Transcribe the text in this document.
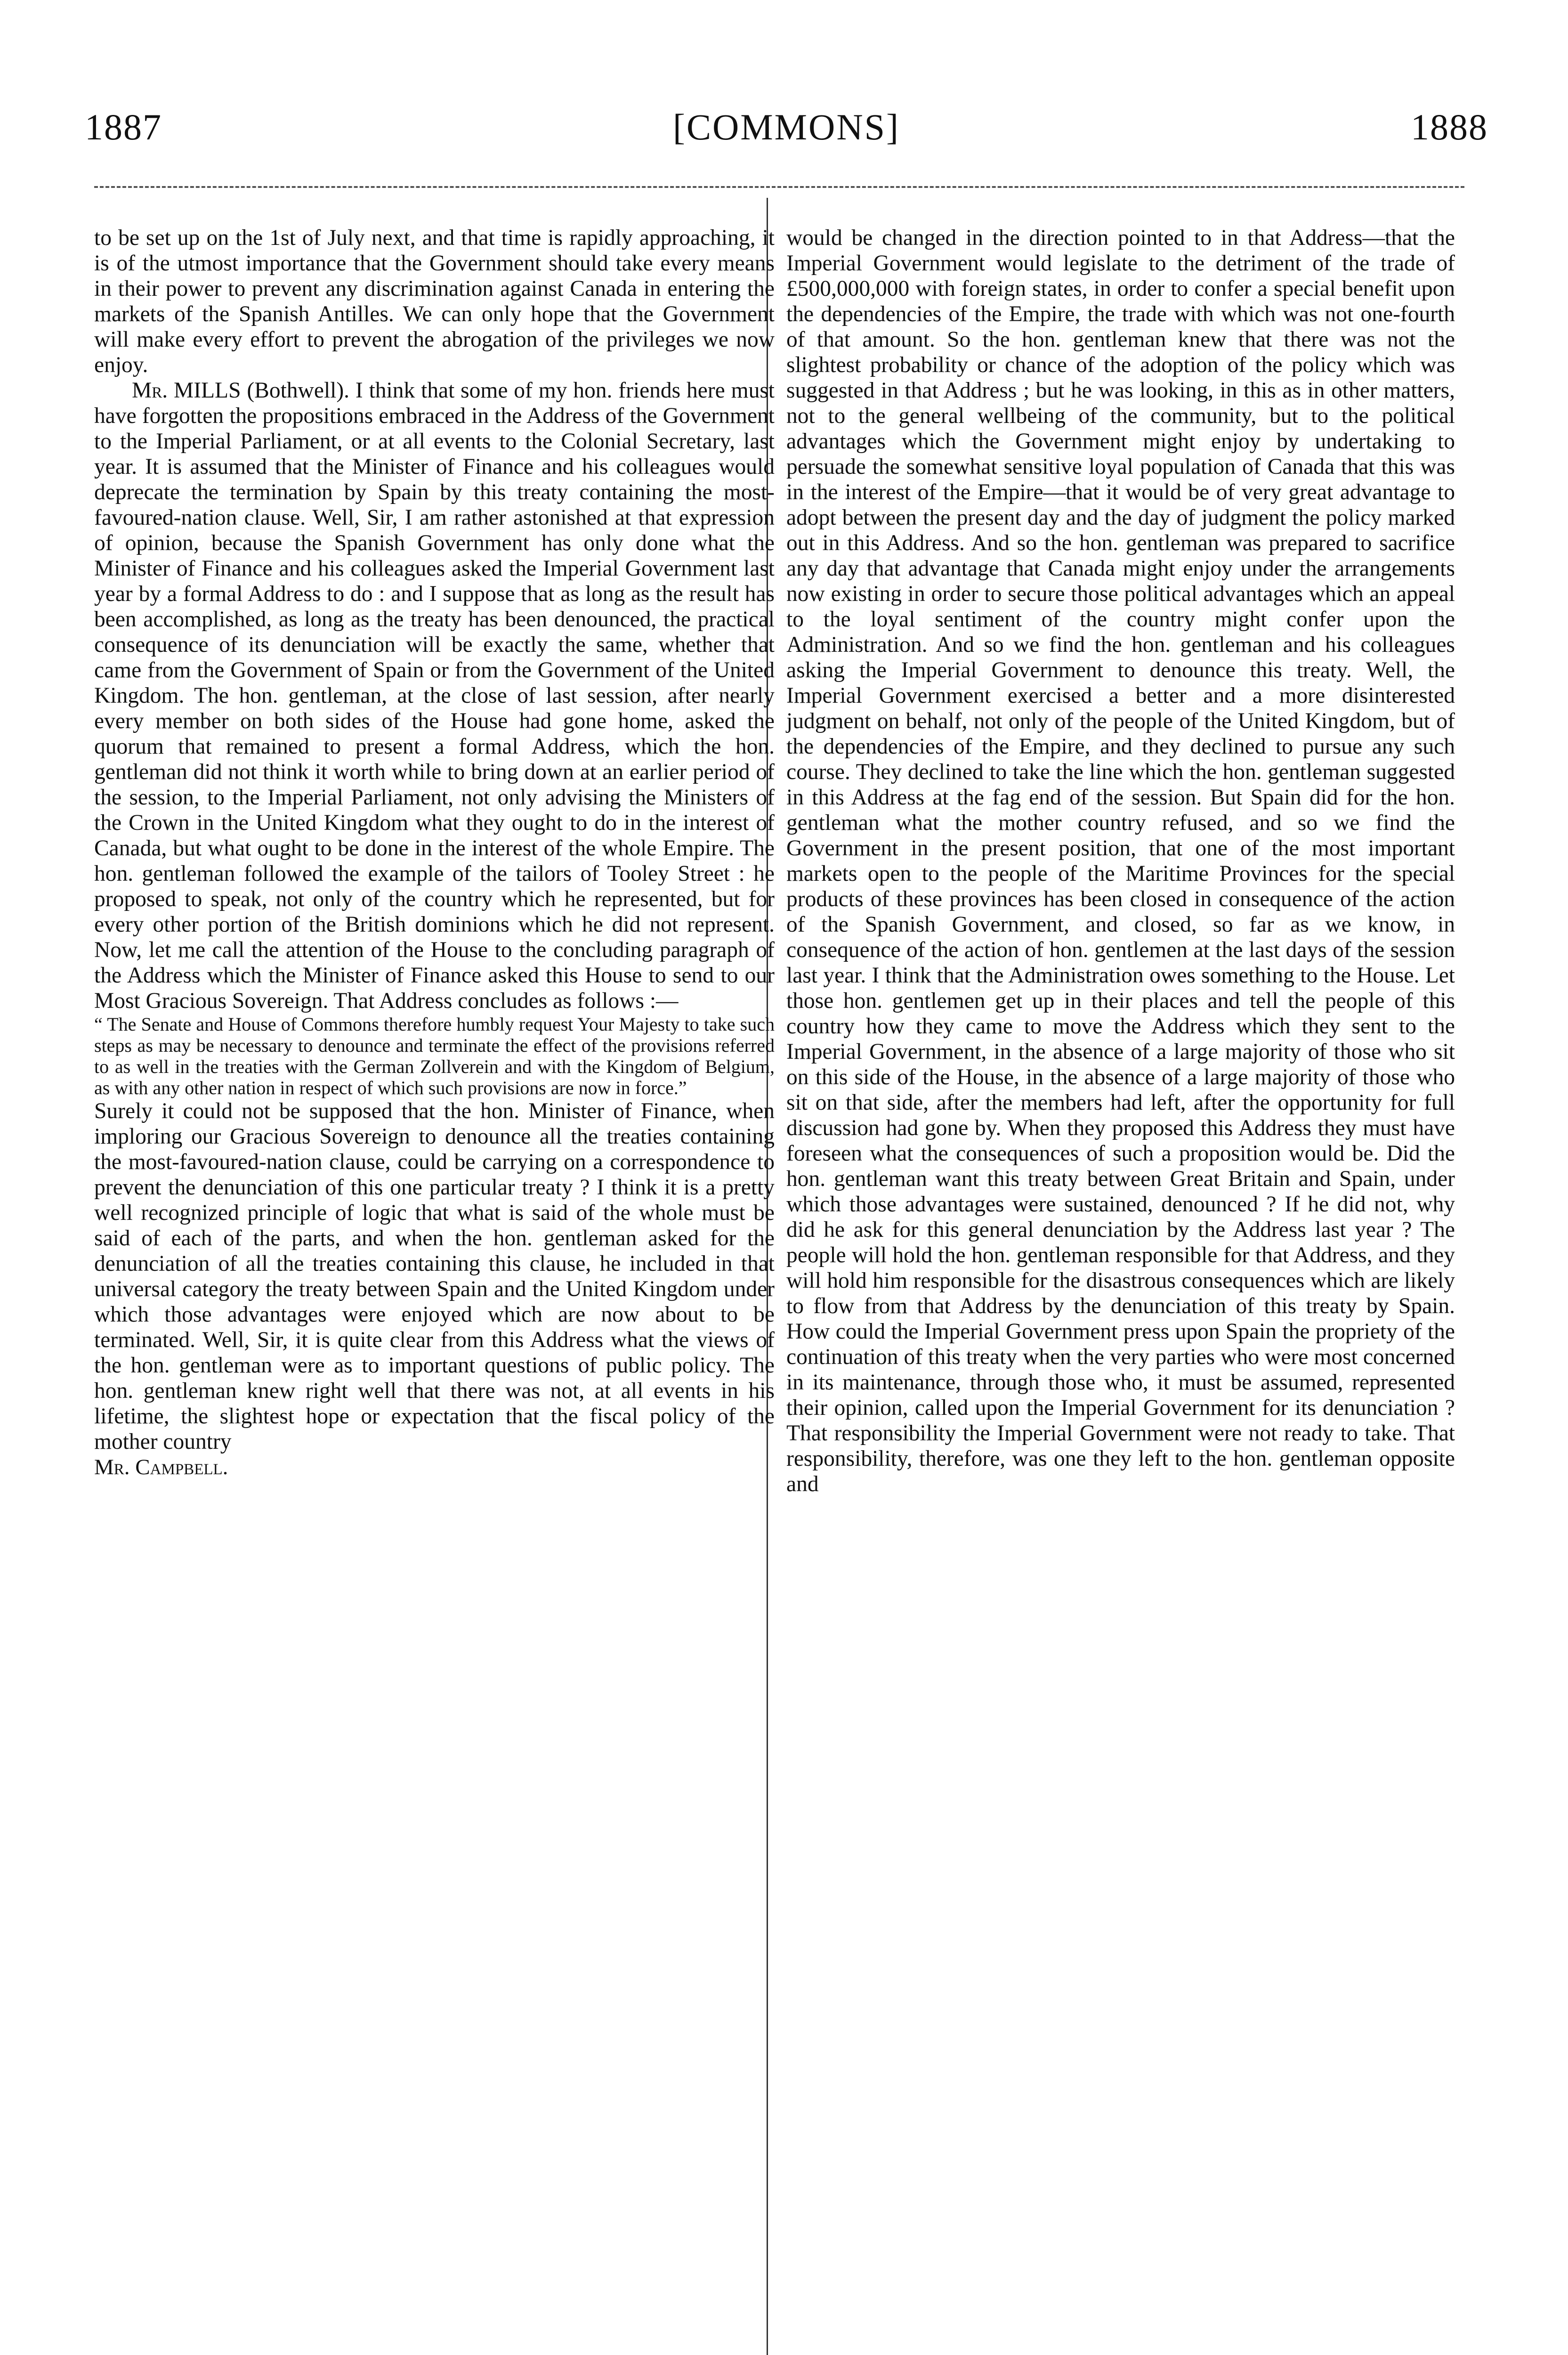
1887	[COMMONS]	1888

to be set up on the 1st of July next, and that time is rapidly approaching, it is of the utmost importance that the Government should take every means in their power to prevent any discrimination against Canada in entering the markets of the Spanish Antilles. We can only hope that the Government will make every effort to prevent the abrogation of the privileges we now enjoy.

Mr. MILLS (Bothwell). I think that some of my hon. friends here must have forgotten the propositions embraced in the Address of the Government to the Imperial Parliament, or at all events to the Colonial Secretary, last year. It is assumed that the Minister of Finance and his colleagues would deprecate the termination by Spain by this treaty containing the most-favoured-nation clause. Well, Sir, I am rather astonished at that expression of opinion, because the Spanish Government has only done what the Minister of Finance and his colleagues asked the Imperial Government last year by a formal Address to do : and I suppose that as long as the result has been accomplished, as long as the treaty has been denounced, the practical consequence of its denunciation will be exactly the same, whether that came from the Government of Spain or from the Government of the United Kingdom. The hon. gentleman, at the close of last session, after nearly every member on both sides of the House had gone home, asked the quorum that remained to present a formal Address, which the hon. gentleman did not think it worth while to bring down at an earlier period of the session, to the Imperial Parliament, not only advising the Ministers of the Crown in the United Kingdom what they ought to do in the interest of Canada, but what ought to be done in the interest of the whole Empire. The hon. gentleman followed the example of the tailors of Tooley Street : he proposed to speak, not only of the country which he represented, but for every other portion of the British dominions which he did not represent. Now, let me call the attention of the House to the concluding paragraph of the Address which the Minister of Finance asked this House to send to our Most Gracious Sovereign. That Address concludes as follows :—

“ The Senate and House of Commons therefore humbly request Your Majesty to take such steps as may be necessary to denounce and terminate the effect of the provisions referred to as well in the treaties with the German Zollverein and with the Kingdom of Belgium, as with any other nation in respect of which such provisions are now in force.”

Surely it could not be supposed that the hon. Minister of Finance, when imploring our Gracious Sovereign to denounce all the treaties containing the most-favoured-nation clause, could be carrying on a correspondence to prevent the denunciation of this one particular treaty ? I think it is a pretty well recognized principle of logic that what is said of the whole must be said of each of the parts, and when the hon. gentleman asked for the denunciation of all the treaties containing this clause, he included in that universal category the treaty between Spain and the United Kingdom under which those advantages were enjoyed which are now about to be terminated. Well, Sir, it is quite clear from this Address what the views of the hon. gentleman were as to important questions of public policy. The hon. gentleman knew right well that there was not, at all events in his lifetime, the slightest hope or expectation that the fiscal policy of the mother country

Mr. Campbell.

would be changed in the direction pointed to in that Address—that the Imperial Government would legislate to the detriment of the trade of £500,000,000 with foreign states, in order to confer a special benefit upon the dependencies of the Empire, the trade with which was not one-fourth of that amount. So the hon. gentleman knew that there was not the slightest probability or chance of the adoption of the policy which was suggested in that Address ; but he was looking, in this as in other matters, not to the general wellbeing of the community, but to the political advantages which the Government might enjoy by undertaking to persuade the somewhat sensitive loyal population of Canada that this was in the interest of the Empire—that it would be of very great advantage to adopt between the present day and the day of judgment the policy marked out in this Address. And so the hon. gentleman was prepared to sacrifice any day that advantage that Canada might enjoy under the arrangements now existing in order to secure those political advantages which an appeal to the loyal sentiment of the country might confer upon the Administration. And so we find the hon. gentleman and his colleagues asking the Imperial Government to denounce this treaty. Well, the Imperial Government exercised a better and a more disinterested judgment on behalf, not only of the people of the United Kingdom, but of the dependencies of the Empire, and they declined to pursue any such course. They declined to take the line which the hon. gentleman suggested in this Address at the fag end of the session. But Spain did for the hon. gentleman what the mother country refused, and so we find the Government in the present position, that one of the most important markets open to the people of the Maritime Provinces for the special products of these provinces has been closed in consequence of the action of the Spanish Government, and closed, so far as we know, in consequence of the action of hon. gentlemen at the last days of the session last year. I think that the Administration owes something to the House. Let those hon. gentlemen get up in their places and tell the people of this country how they came to move the Address which they sent to the Imperial Government, in the absence of a large majority of those who sit on this side of the House, in the absence of a large majority of those who sit on that side, after the members had left, after the opportunity for full discussion had gone by. When they proposed this Address they must have foreseen what the consequences of such a proposition would be. Did the hon. gentleman want this treaty between Great Britain and Spain, under which those advantages were sustained, denounced ? If he did not, why did he ask for this general denunciation by the Address last year ? The people will hold the hon. gentleman responsible for that Address, and they will hold him responsible for the disastrous consequences which are likely to flow from that Address by the denunciation of this treaty by Spain. How could the Imperial Government press upon Spain the propriety of the continuation of this treaty when the very parties who were most concerned in its maintenance, through those who, it must be assumed, represented their opinion, called upon the Imperial Government for its denunciation ? That responsibility the Imperial Government were not ready to take. That responsibility, therefore, was one they left to the hon. gentleman opposite and
